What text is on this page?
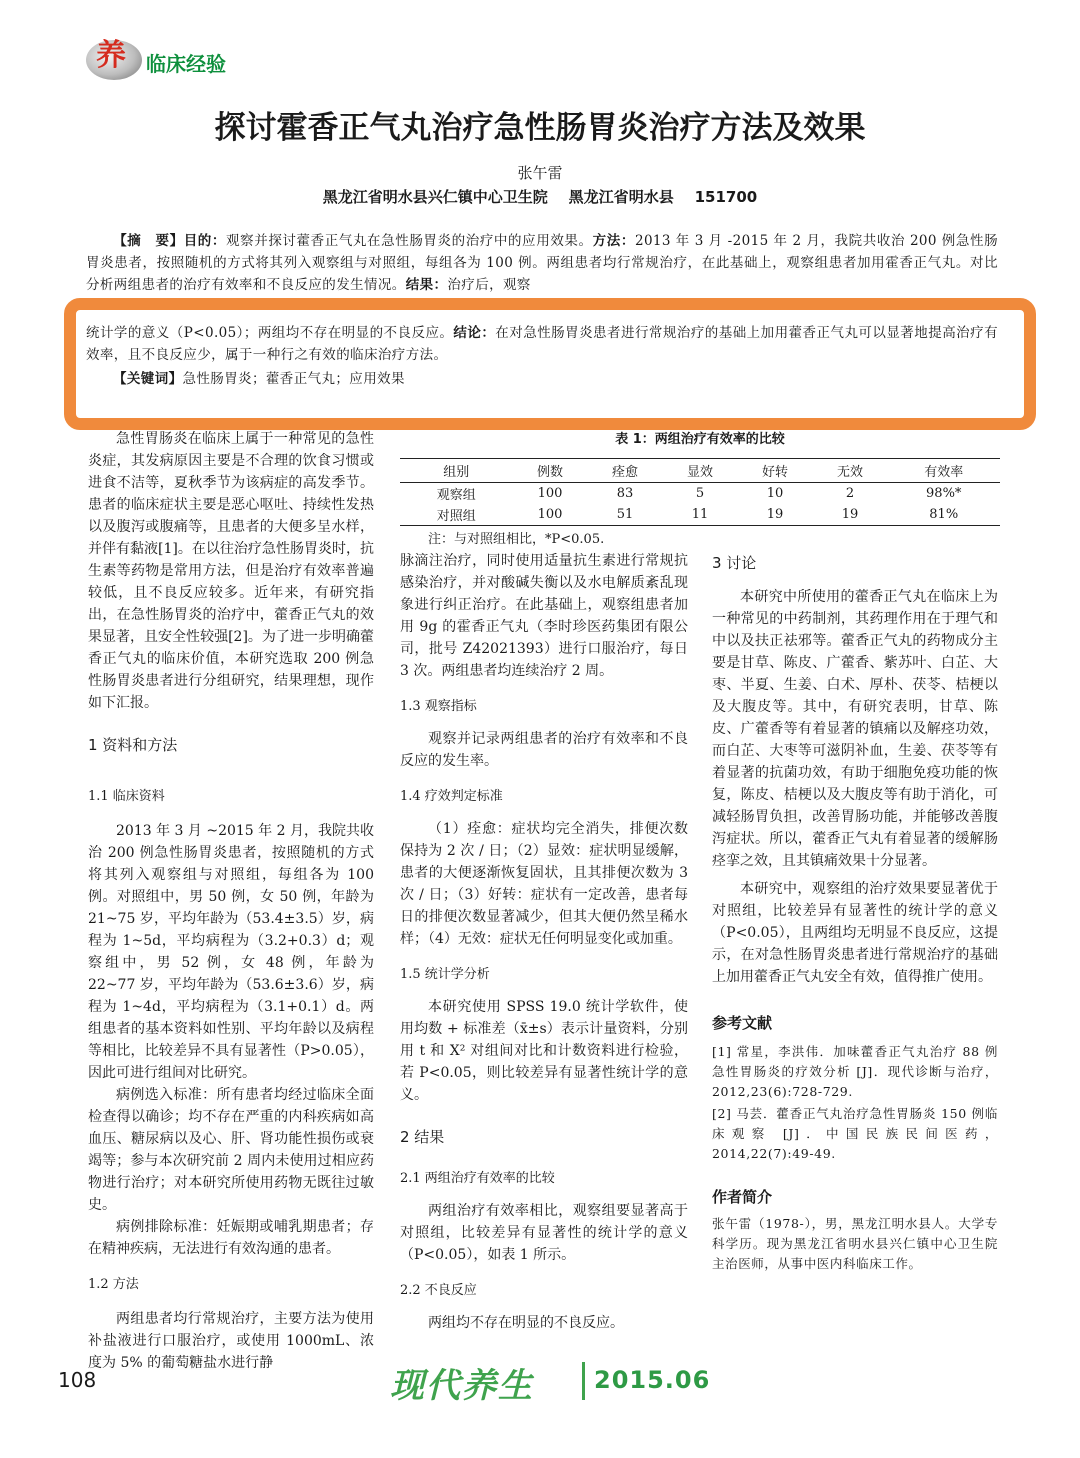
养 临床经验
探讨霍香正气丸治疗急性肠胃炎治疗方法及效果
张午雷
黑龙江省明水县兴仁镇中心卫生院    黑龙江省明水县    151700
【摘　要】目的：观察并探讨藿香正气丸在急性肠胃炎的治疗中的应用效果。方法：2013 年 3 月 -2015 年 2 月，我院共收治 200 例急性肠胃炎患者，按照随机的方式将其列入观察组与对照组，每组各为 100 例。两组患者均行常规治疗，在此基础上，观察组患者加用霍香正气丸。对比分析两组患者的治疗有效率和不良反应的发生情况。结果：治疗后，观察
统计学的意义（P<0.05）；两组均不存在明显的不良反应。结论：在对急性肠胃炎患者进行常规治疗的基础上加用藿香正气丸可以显著地提高治疗有效率，且不良反应少，属于一种行之有效的临床治疗方法。
【关键词】急性肠胃炎；藿香正气丸；应用效果

急性胃肠炎在临床上属于一种常见的急性炎症，其发病原因主要是不合理的饮食习惯或进食不洁等，夏秋季节为该病症的高发季节。患者的临床症状主要是恶心呕吐、持续性发热以及腹泻或腹痛等，且患者的大便多呈水样，并伴有黏液[1]。在以往治疗急性肠胃炎时，抗生素等药物是常用方法，但是治疗有效率普遍较低，且不良反应较多。近年来，有研究指出，在急性肠胃炎的治疗中，藿香正气丸的效果显著，且安全性较强[2]。为了进一步明确藿香正气丸的临床价值，本研究选取 200 例急性肠胃炎患者进行分组研究，结果理想，现作如下汇报。

1 资料和方法

1.1 临床资料

2013 年 3 月 ~2015 年 2 月，我院共收治 200 例急性肠胃炎患者，按照随机的方式将其列入观察组与对照组，每组各为 100 例。对照组中，男 50 例，女 50 例，年龄为 21~75 岁，平均年龄为（53.4±3.5）岁，病程为 1~5d，平均病程为（3.2+0.3）d；观察组中，男 52 例，女 48 例，年龄为 22~77 岁，平均年龄为（53.6±3.6）岁，病程为 1~4d，平均病程为（3.1+0.1）d。两组患者的基本资料如性别、平均年龄以及病程等相比，比较差异不具有显著性（P>0.05），因此可进行组间对比研究。

病例选入标准：所有患者均经过临床全面检查得以确诊；均不存在严重的内科疾病如高血压、糖尿病以及心、肝、肾功能性损伤或衰竭等；参与本次研究前 2 周内未使用过相应药物进行治疗；对本研究所使用药物无既往过敏史。

病例排除标准：妊娠期或哺乳期患者；存在精神疾病，无法进行有效沟通的患者。

1.2 方法

两组患者均行常规治疗，主要方法为使用补盐液进行口服治疗，或使用 1000mL、浓度为 5% 的葡萄糖盐水进行静

表 1：两组治疗有效率的比较
组别	例数	痊愈	显效	好转	无效	有效率
观察组	100	83	5	10	2	98%*
对照组	100	51	11	19	19	81%
注：与对照组相比，*P<0.05.

脉滴注治疗，同时使用适量抗生素进行常规抗感染治疗，并对酸碱失衡以及水电解质紊乱现象进行纠正治疗。在此基础上，观察组患者加用 9g 的霍香正气丸（李时珍医药集团有限公司，批号 Z42021393）进行口服治疗，每日 3 次。两组患者均连续治疗 2 周。

1.3 观察指标

观察并记录两组患者的治疗有效率和不良反应的发生率。

1.4 疗效判定标准

（1）痊愈：症状均完全消失，排便次数保持为 2 次 / 日；（2）显效：症状明显缓解，患者的大便逐渐恢复固状，且其排便次数为 3 次 / 日；（3）好转：症状有一定改善，患者每日的排便次数显著减少，但其大便仍然呈稀水样；（4）无效：症状无任何明显变化或加重。

1.5 统计学分析

本研究使用 SPSS 19.0 统计学软件，使用均数 + 标准差（x̄±s）表示计量资料，分别用 t 和 X² 对组间对比和计数资料进行检验，若 P<0.05，则比较差异有显著性统计学的意义。

2 结果

2.1 两组治疗有效率的比较

两组治疗有效率相比，观察组要显著高于对照组，比较差异有显著性的统计学的意义（P<0.05），如表 1 所示。

2.2 不良反应

两组均不存在明显的不良反应。

3 讨论

本研究中所使用的藿香正气丸在临床上为一种常见的中药制剂，其药理作用在于理气和中以及扶正祛邪等。藿香正气丸的药物成分主要是甘草、陈皮、广藿香、紫苏叶、白芷、大枣、半夏、生姜、白术、厚朴、茯苓、桔梗以及大腹皮等。其中，有研究表明，甘草、陈皮、广藿香等有着显著的镇痛以及解痉功效，而白芷、大枣等可滋阴补血，生姜、茯苓等有着显著的抗菌功效，有助于细胞免疫功能的恢复，陈皮、桔梗以及大腹皮等有助于消化，可减轻肠胃负担，改善胃肠功能，并能够改善腹泻症状。所以，藿香正气丸有着显著的缓解肠痉挛之效，且其镇痛效果十分显著。

本研究中，观察组的治疗效果要显著优于对照组，比较差异有显著性的统计学的意义（P<0.05），且两组均无明显不良反应，这提示，在对急性肠胃炎患者进行常规治疗的基础上加用藿香正气丸安全有效，值得推广使用。

参考文献

[1] 常星，李洪伟．加味藿香正气丸治疗 88 例急性胃肠炎的疗效分析 [J]．现代诊断与治疗，2012,23(6):728-729.

[2] 马芸．藿香正气丸治疗急性胃肠炎 150 例临床观察 [J]．中国民族民间医药，2014,22(7):49-49.

作者简介

张午雷（1978-），男，黑龙江明水县人。大学专科学历。现为黑龙江省明水县兴仁镇中心卫生院主治医师，从事中医内科临床工作。

108	现代养生	2015.06
